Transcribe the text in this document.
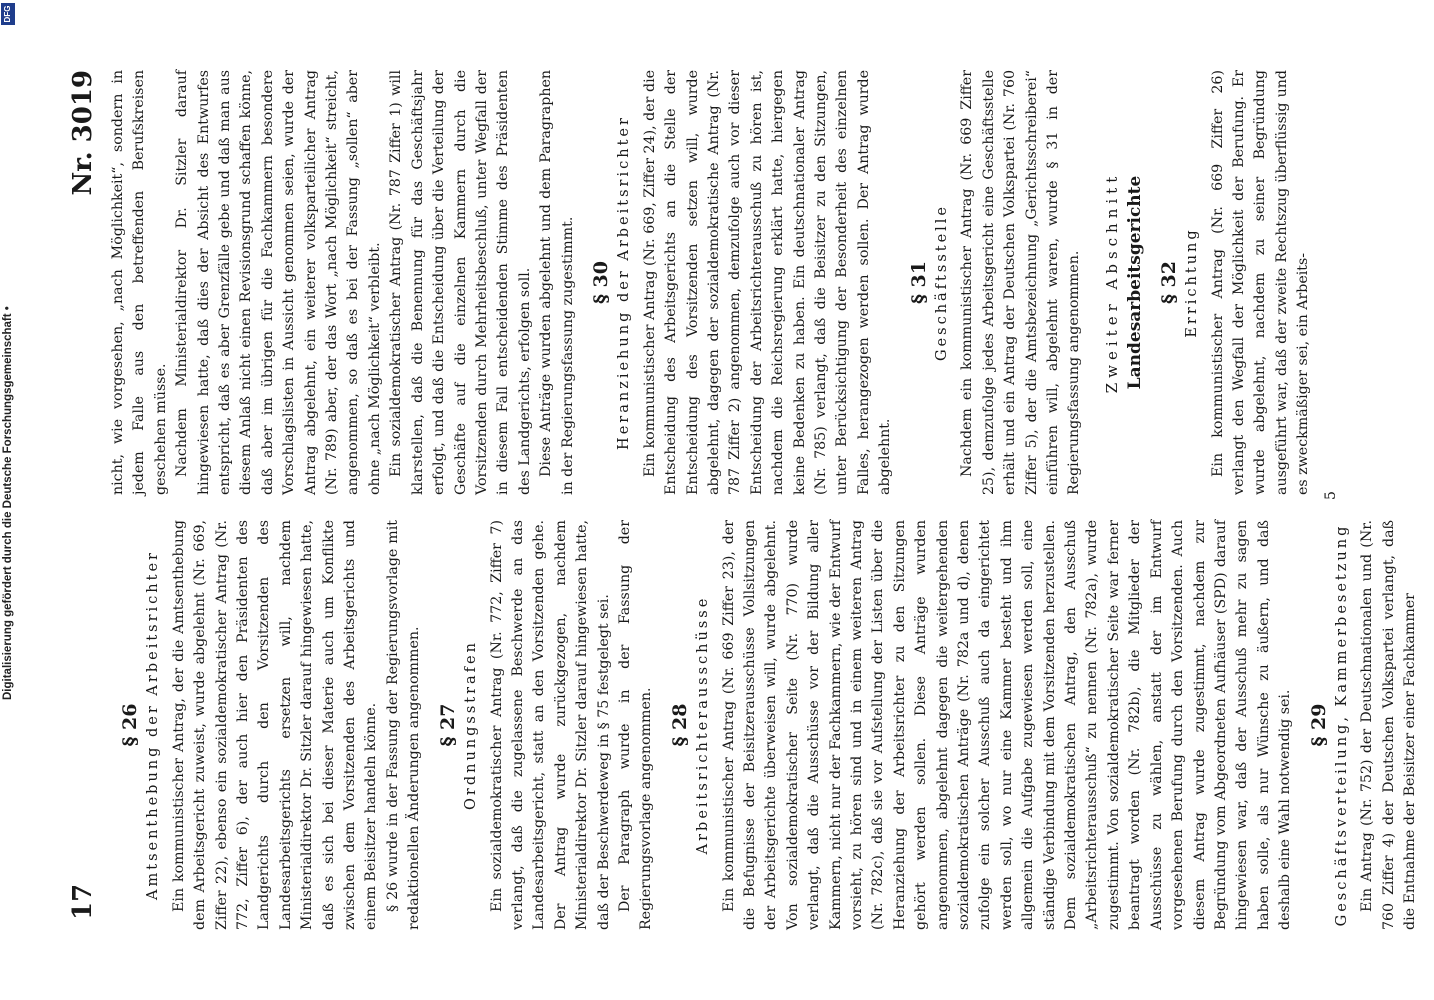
Digitalisierung gefördert durch die Deutsche Forschungsgemeinschaft •
DFG
17
Nr. 3019
§ 26 Amtsenthebung der Arbeitsrichter Ein kommunistischer Antrag, der die Amtsenthebung dem Arbeitsgericht zuweist, wurde abgelehnt (Nr. 669, Ziffer 22), ebenso ein sozialdemokratischer Antrag (Nr. 772, Ziffer 6), der auch hier den Präsidenten des Landgerichts durch den Vorsitzenden des Landesarbeitsgerichts ersetzen will, nachdem Ministerialdirektor Dr. Sitzler darauf hingewiesen hatte, daß es sich bei dieser Materie auch um Konflikte zwischen dem Vorsitzenden des Arbeitsgerichts und einem Beisitzer handeln könne. § 26 wurde in der Fassung der Regierungsvorlage mit redaktionellen Änderungen angenommen. § 27 Ordnungsstrafen Ein sozialdemokratischer Antrag (Nr. 772, Ziffer 7) verlangt, daß die zugelassene Beschwerde an das Landesarbeitsgericht, statt an den Vorsitzenden gehe. Der Antrag wurde zurückgezogen, nachdem Ministerialdirektor Dr. Sitzler darauf hingewiesen hatte, daß der Beschwerdeweg in § 75 festgelegt sei. Der Paragraph wurde in der Fassung der Regierungsvorlage angenommen. § 28 Arbeitsrichterausschüsse Ein kommunistischer Antrag (Nr. 669 Ziffer 23), der die Befugnisse der Beisitzerausschüsse Vollsitzungen der Arbeitsgerichte überweisen will, wurde abgelehnt. Von sozialdemokratischer Seite (Nr. 770) wurde verlangt, daß die Ausschüsse vor der Bildung aller Kammern, nicht nur der Fachkammern, wie der Entwurf vorsieht, zu hören sind und in einem weiteren Antrag (Nr. 782c), daß sie vor Aufstellung der Listen über die Heranziehung der Arbeitsrichter zu den Sitzungen gehört werden sollen. Diese Anträge wurden angenommen, abgelehnt dagegen die weitergehenden sozialdemokratischen Anträge (Nr. 782a und d), denen zufolge ein solcher Ausschuß auch da eingerichtet werden soll, wo nur eine Kammer besteht und ihm allgemein die Aufgabe zugewiesen werden soll, eine ständige Verbindung mit dem Vorsitzenden herzustellen. Dem sozialdemokratischen Antrag, den Ausschuß „Arbeitsrichterausschuß“ zu nennen (Nr. 782a), wurde zugestimmt. Von sozialdemokratischer Seite war ferner beantragt worden (Nr. 782b), die Mitglieder der Ausschüsse zu wählen, anstatt der im Entwurf vorgesehenen Berufung durch den Vorsitzenden. Auch diesem Antrag wurde zugestimmt, nachdem zur Begründung vom Abgeordneten Aufhäuser (SPD) darauf hingewiesen war, daß der Ausschuß mehr zu sagen haben solle, als nur Wünsche zu äußern, und daß deshalb eine Wahl notwendig sei. § 29 Geschäftsverteilung, Kammerbesetzung Ein Antrag (Nr. 752) der Deutschnationalen und (Nr. 760 Ziffer 4) der Deutschen Volkspartei verlangt, daß die Entnahme der Beisitzer einer Fachkammer

nicht, wie vorgesehen, „nach Möglichkeit“, sondern in jedem Falle aus den betreffenden Berufskreisen geschehen müsse. Nachdem Ministerialdirektor Dr. Sitzler darauf hingewiesen hatte, daß dies der Absicht des Entwurfes entspricht, daß es aber Grenzfälle gebe und daß man aus diesem Anlaß nicht einen Revisionsgrund schaffen könne, daß aber im übrigen für die Fachkammern besondere Vorschlagslisten in Aussicht genommen seien, wurde der Antrag abgelehnt, ein weiterer volksparteilicher Antrag (Nr. 789) aber, der das Wort „nach Möglichkeit“ streicht, angenommen, so daß es bei der Fassung „sollen“ aber ohne „nach Möglichkeit“ verbleibt. Ein sozialdemokratischer Antrag (Nr. 787 Ziffer 1) will klarstellen, daß die Benennung für das Geschäftsjahr erfolgt, und daß die Entscheidung über die Verteilung der Geschäfte auf die einzelnen Kammern durch die Vorsitzenden durch Mehrheitsbeschluß, unter Wegfall der in diesem Fall entscheidenden Stimme des Präsidenten des Landgerichts, erfolgen soll. Diese Anträge wurden abgelehnt und dem Paragraphen in der Regierungsfassung zugestimmt. § 30 Heranziehung der Arbeitsrichter Ein kommunistischer Antrag (Nr. 669, Ziffer 24), der die Entscheidung des Arbeitsgerichts an die Stelle der Entscheidung des Vorsitzenden setzen will, wurde abgelehnt, dagegen der sozialdemokratische Antrag (Nr. 787 Ziffer 2) angenommen, demzufolge auch vor dieser Entscheidung der Arbeitsrichterausschuß zu hören ist, nachdem die Reichsregierung erklärt hatte, hiergegen keine Bedenken zu haben. Ein deutschnationaler Antrag (Nr. 785) verlangt, daß die Beisitzer zu den Sitzungen, unter Berücksichtigung der Besonderheit des einzelnen Falles, herangezogen werden sollen. Der Antrag wurde abgelehnt.

§ 31 Geschäftsstelle Nachdem ein kommunistischer Antrag (Nr. 669 Ziffer 25), demzufolge jedes Arbeitsgericht eine Geschäftsstelle erhält und ein Antrag der Deutschen Volkspartei (Nr. 760 Ziffer 5), der die Amtsbezeichnung „Gerichtsschreiberei“ einführen will, abgelehnt waren, wurde § 31 in der Regierungsfassung angenommen. Zweiter Abschnitt Landesarbeitsgerichte § 32 Errichtung Ein kommunistischer Antrag (Nr. 669 Ziffer 26) verlangt den Wegfall der Möglichkeit der Berufung. Er wurde abgelehnt, nachdem zu seiner Begründung ausgeführt war, daß der zweite Rechtszug überflüssig und es zweckmäßiger sei, ein Arbeits-

5
